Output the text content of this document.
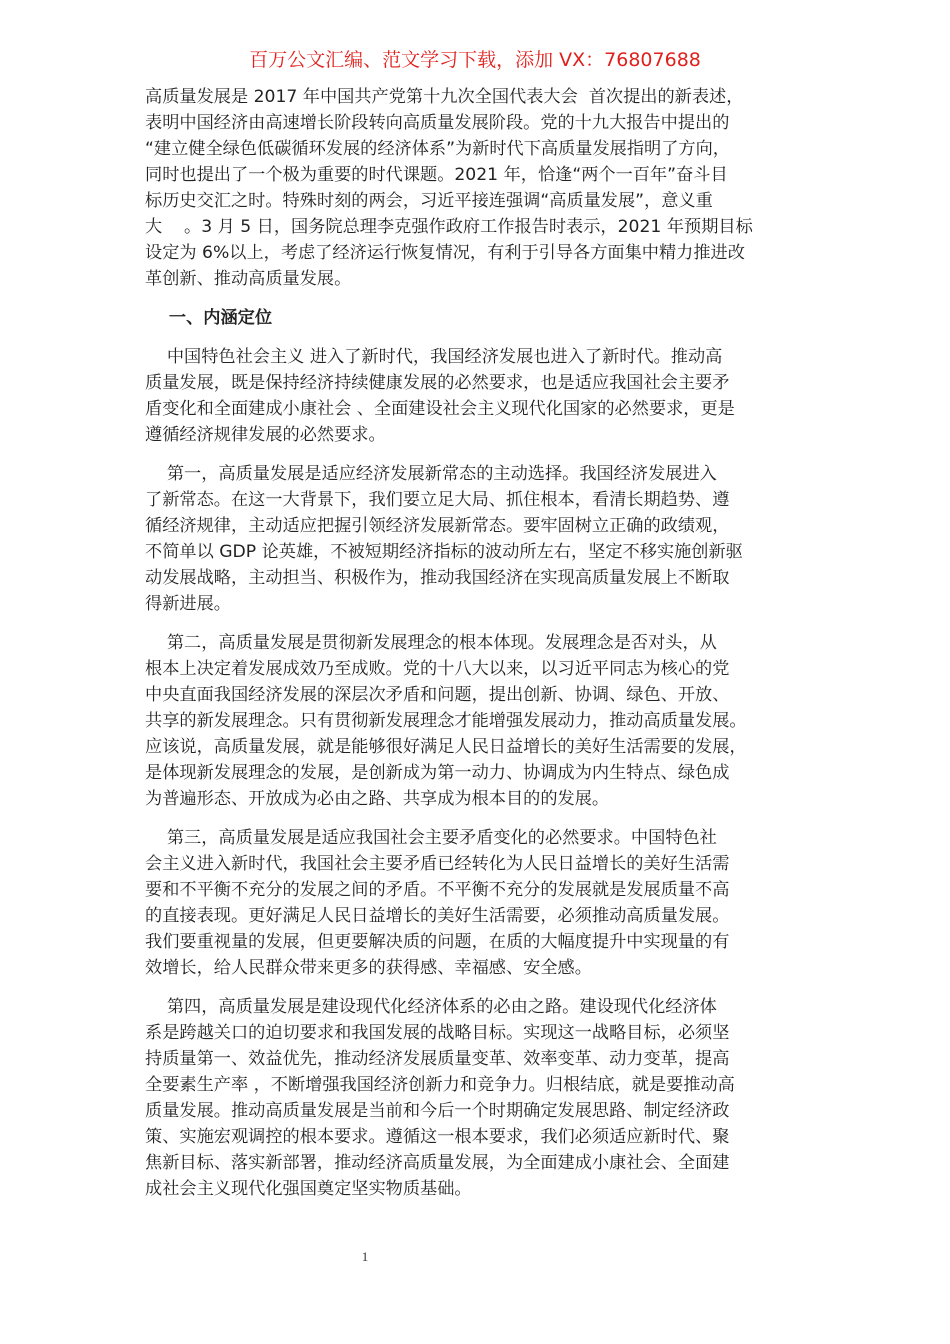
百万公文汇编、范文学习下载，添加 VX：76807688
高质量发展是 2017 年中国共产党第十九次全国代表大会  首次提出的新表述，
表明中国经济由高速增长阶段转向高质量发展阶段。党的十九大报告中提出的
“建立健全绿色低碳循环发展的经济体系”为新时代下高质量发展指明了方向，
同时也提出了一个极为重要的时代课题。2021 年，恰逢“两个一百年”奋斗目
标历史交汇之时。特殊时刻的两会，习近平接连强调“高质量发展”，意义重
大    。3 月 5 日，国务院总理李克强作政府工作报告时表示，2021 年预期目标
设定为 6%以上，考虑了经济运行恢复情况，有利于引导各方面集中精力推进改
革创新、推动高质量发展。
一、内涵定位
中国特色社会主义 进入了新时代，我国经济发展也进入了新时代。推动高
质量发展，既是保持经济持续健康发展的必然要求，也是适应我国社会主要矛
盾变化和全面建成小康社会 、全面建设社会主义现代化国家的必然要求，更是
遵循经济规律发展的必然要求。
第一，高质量发展是适应经济发展新常态的主动选择。我国经济发展进入
了新常态。在这一大背景下，我们要立足大局、抓住根本，看清长期趋势、遵
循经济规律，主动适应把握引领经济发展新常态。要牢固树立正确的政绩观，
不简单以 GDP 论英雄，不被短期经济指标的波动所左右，坚定不移实施创新驱
动发展战略，主动担当、积极作为，推动我国经济在实现高质量发展上不断取
得新进展。
第二，高质量发展是贯彻新发展理念的根本体现。发展理念是否对头，从
根本上决定着发展成效乃至成败。党的十八大以来，以习近平同志为核心的党
中央直面我国经济发展的深层次矛盾和问题，提出创新、协调、绿色、开放、
共享的新发展理念。只有贯彻新发展理念才能增强发展动力，推动高质量发展。
应该说，高质量发展，就是能够很好满足人民日益增长的美好生活需要的发展，
是体现新发展理念的发展，是创新成为第一动力、协调成为内生特点、绿色成
为普遍形态、开放成为必由之路、共享成为根本目的的发展。
第三，高质量发展是适应我国社会主要矛盾变化的必然要求。中国特色社
会主义进入新时代，我国社会主要矛盾已经转化为人民日益增长的美好生活需
要和不平衡不充分的发展之间的矛盾。不平衡不充分的发展就是发展质量不高
的直接表现。更好满足人民日益增长的美好生活需要，必须推动高质量发展。
我们要重视量的发展，但更要解决质的问题，在质的大幅度提升中实现量的有
效增长，给人民群众带来更多的获得感、幸福感、安全感。
第四，高质量发展是建设现代化经济体系的必由之路。建设现代化经济体
系是跨越关口的迫切要求和我国发展的战略目标。实现这一战略目标，必须坚
持质量第一、效益优先，推动经济发展质量变革、效率变革、动力变革，提高
全要素生产率 ，不断增强我国经济创新力和竞争力。归根结底，就是要推动高
质量发展。推动高质量发展是当前和今后一个时期确定发展思路、制定经济政
策、实施宏观调控的根本要求。遵循这一根本要求，我们必须适应新时代、聚
焦新目标、落实新部署，推动经济高质量发展，为全面建成小康社会、全面建
成社会主义现代化强国奠定坚实物质基础。
1
